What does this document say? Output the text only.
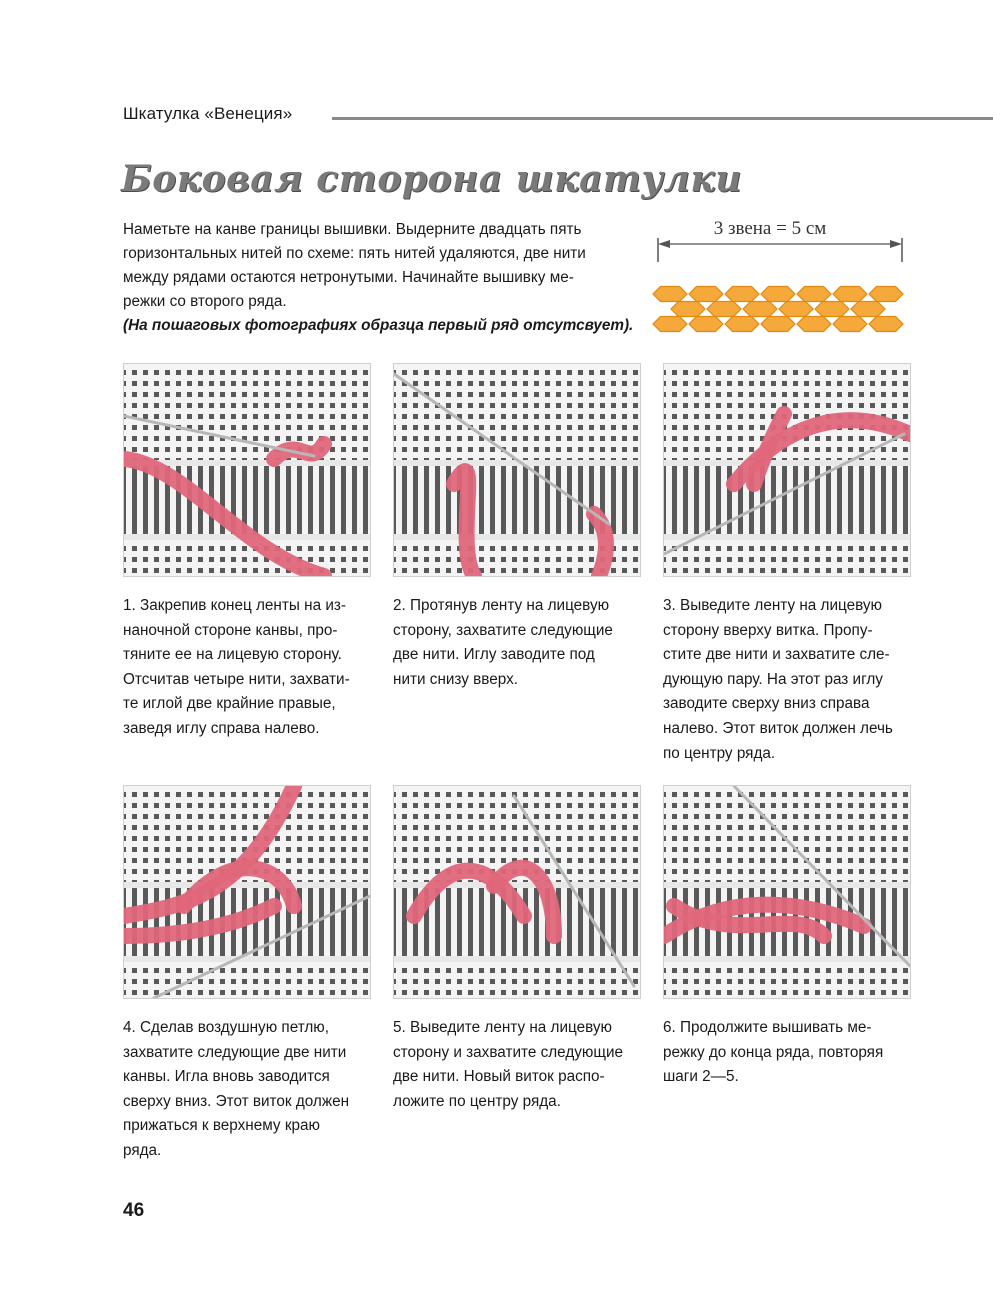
Шкатулка «Венеция»
Боковая сторона шкатулки

Наметьте на канве границы вышивки. Выдерните двадцать пять

горизонтальных нитей по схеме: пять нитей удаляются, две нити

между рядами остаются нетронутыми. Начинайте вышивку ме-

режки со второго ряда.

(На пошаговых фотографиях образца первый ряд отсутсвует).

3 звена = 5 см
1. Закрепив конец ленты на из-
наночной стороне канвы, про-
тяните ее на лицевую сторону.
Отсчитав четыре нити, захвати-
те иглой две крайние правые,
заведя иглу справа налево.
2. Протянув ленту на лицевую
сторону, захватите следующие
две нити. Иглу заводите под
нити снизу вверх.
3. Выведите ленту на лицевую
сторону вверху витка. Пропу-
стите две нити и захватите сле-
дующую пару. На этот раз иглу
заводите сверху вниз справа
налево. Этот виток должен лечь
по центру ряда.
4. Сделав воздушную петлю,
захватите следующие две нити
канвы. Игла вновь заводится
сверху вниз. Этот виток должен
прижаться к верхнему краю
ряда.
5. Выведите ленту на лицевую
сторону и захватите следующие
две нити. Новый виток распо-
ложите по центру ряда.
6. Продолжите вышивать ме-
режку до конца ряда, повторяя
шаги 2—5.
46
